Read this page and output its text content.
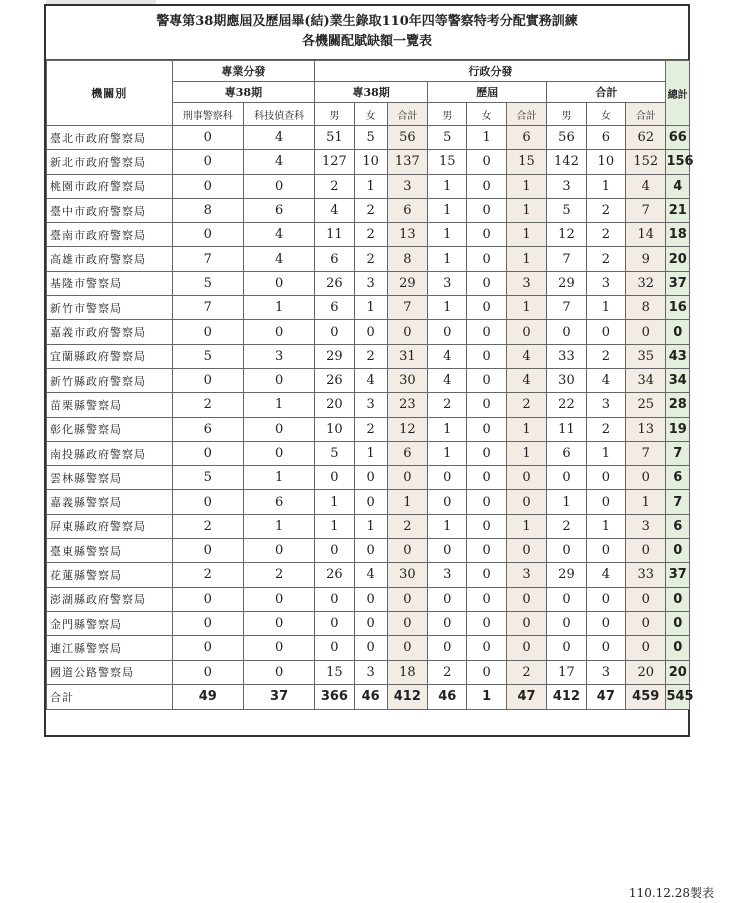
警專第38期應屆及歷屆畢(結)業生錄取110年四等警察特考分配實務訓練
各機關配賦缺額一覽表
機關別	專業分發		行政分發									總計
	專38期		專38期			歷屆			合計			
	刑事警察科	科技偵查科	男	女	合計	男	女	合計	男	女	合計	
臺北市政府警察局	0	4	51	5	56	5	1	6	56	6	62	66
新北市政府警察局	0	4	127	10	137	15	0	15	142	10	152	156
桃園市政府警察局	0	0	2	1	3	1	0	1	3	1	4	4
臺中市政府警察局	8	6	4	2	6	1	0	1	5	2	7	21
臺南市政府警察局	0	4	11	2	13	1	0	1	12	2	14	18
高雄市政府警察局	7	4	6	2	8	1	0	1	7	2	9	20
基隆市警察局	5	0	26	3	29	3	0	3	29	3	32	37
新竹市警察局	7	1	6	1	7	1	0	1	7	1	8	16
嘉義市政府警察局	0	0	0	0	0	0	0	0	0	0	0	0
宜蘭縣政府警察局	5	3	29	2	31	4	0	4	33	2	35	43
新竹縣政府警察局	0	0	26	4	30	4	0	4	30	4	34	34
苗栗縣警察局	2	1	20	3	23	2	0	2	22	3	25	28
彰化縣警察局	6	0	10	2	12	1	0	1	11	2	13	19
南投縣政府警察局	0	0	5	1	6	1	0	1	6	1	7	7
雲林縣警察局	5	1	0	0	0	0	0	0	0	0	0	6
嘉義縣警察局	0	6	1	0	1	0	0	0	1	0	1	7
屏東縣政府警察局	2	1	1	1	2	1	0	1	2	1	3	6
臺東縣警察局	0	0	0	0	0	0	0	0	0	0	0	0
花蓮縣警察局	2	2	26	4	30	3	0	3	29	4	33	37
澎湖縣政府警察局	0	0	0	0	0	0	0	0	0	0	0	0
金門縣警察局	0	0	0	0	0	0	0	0	0	0	0	0
連江縣警察局	0	0	0	0	0	0	0	0	0	0	0	0
國道公路警察局	0	0	15	3	18	2	0	2	17	3	20	20
合計	49	37	366	46	412	46	1	47	412	47	459	545
110.12.28製表
